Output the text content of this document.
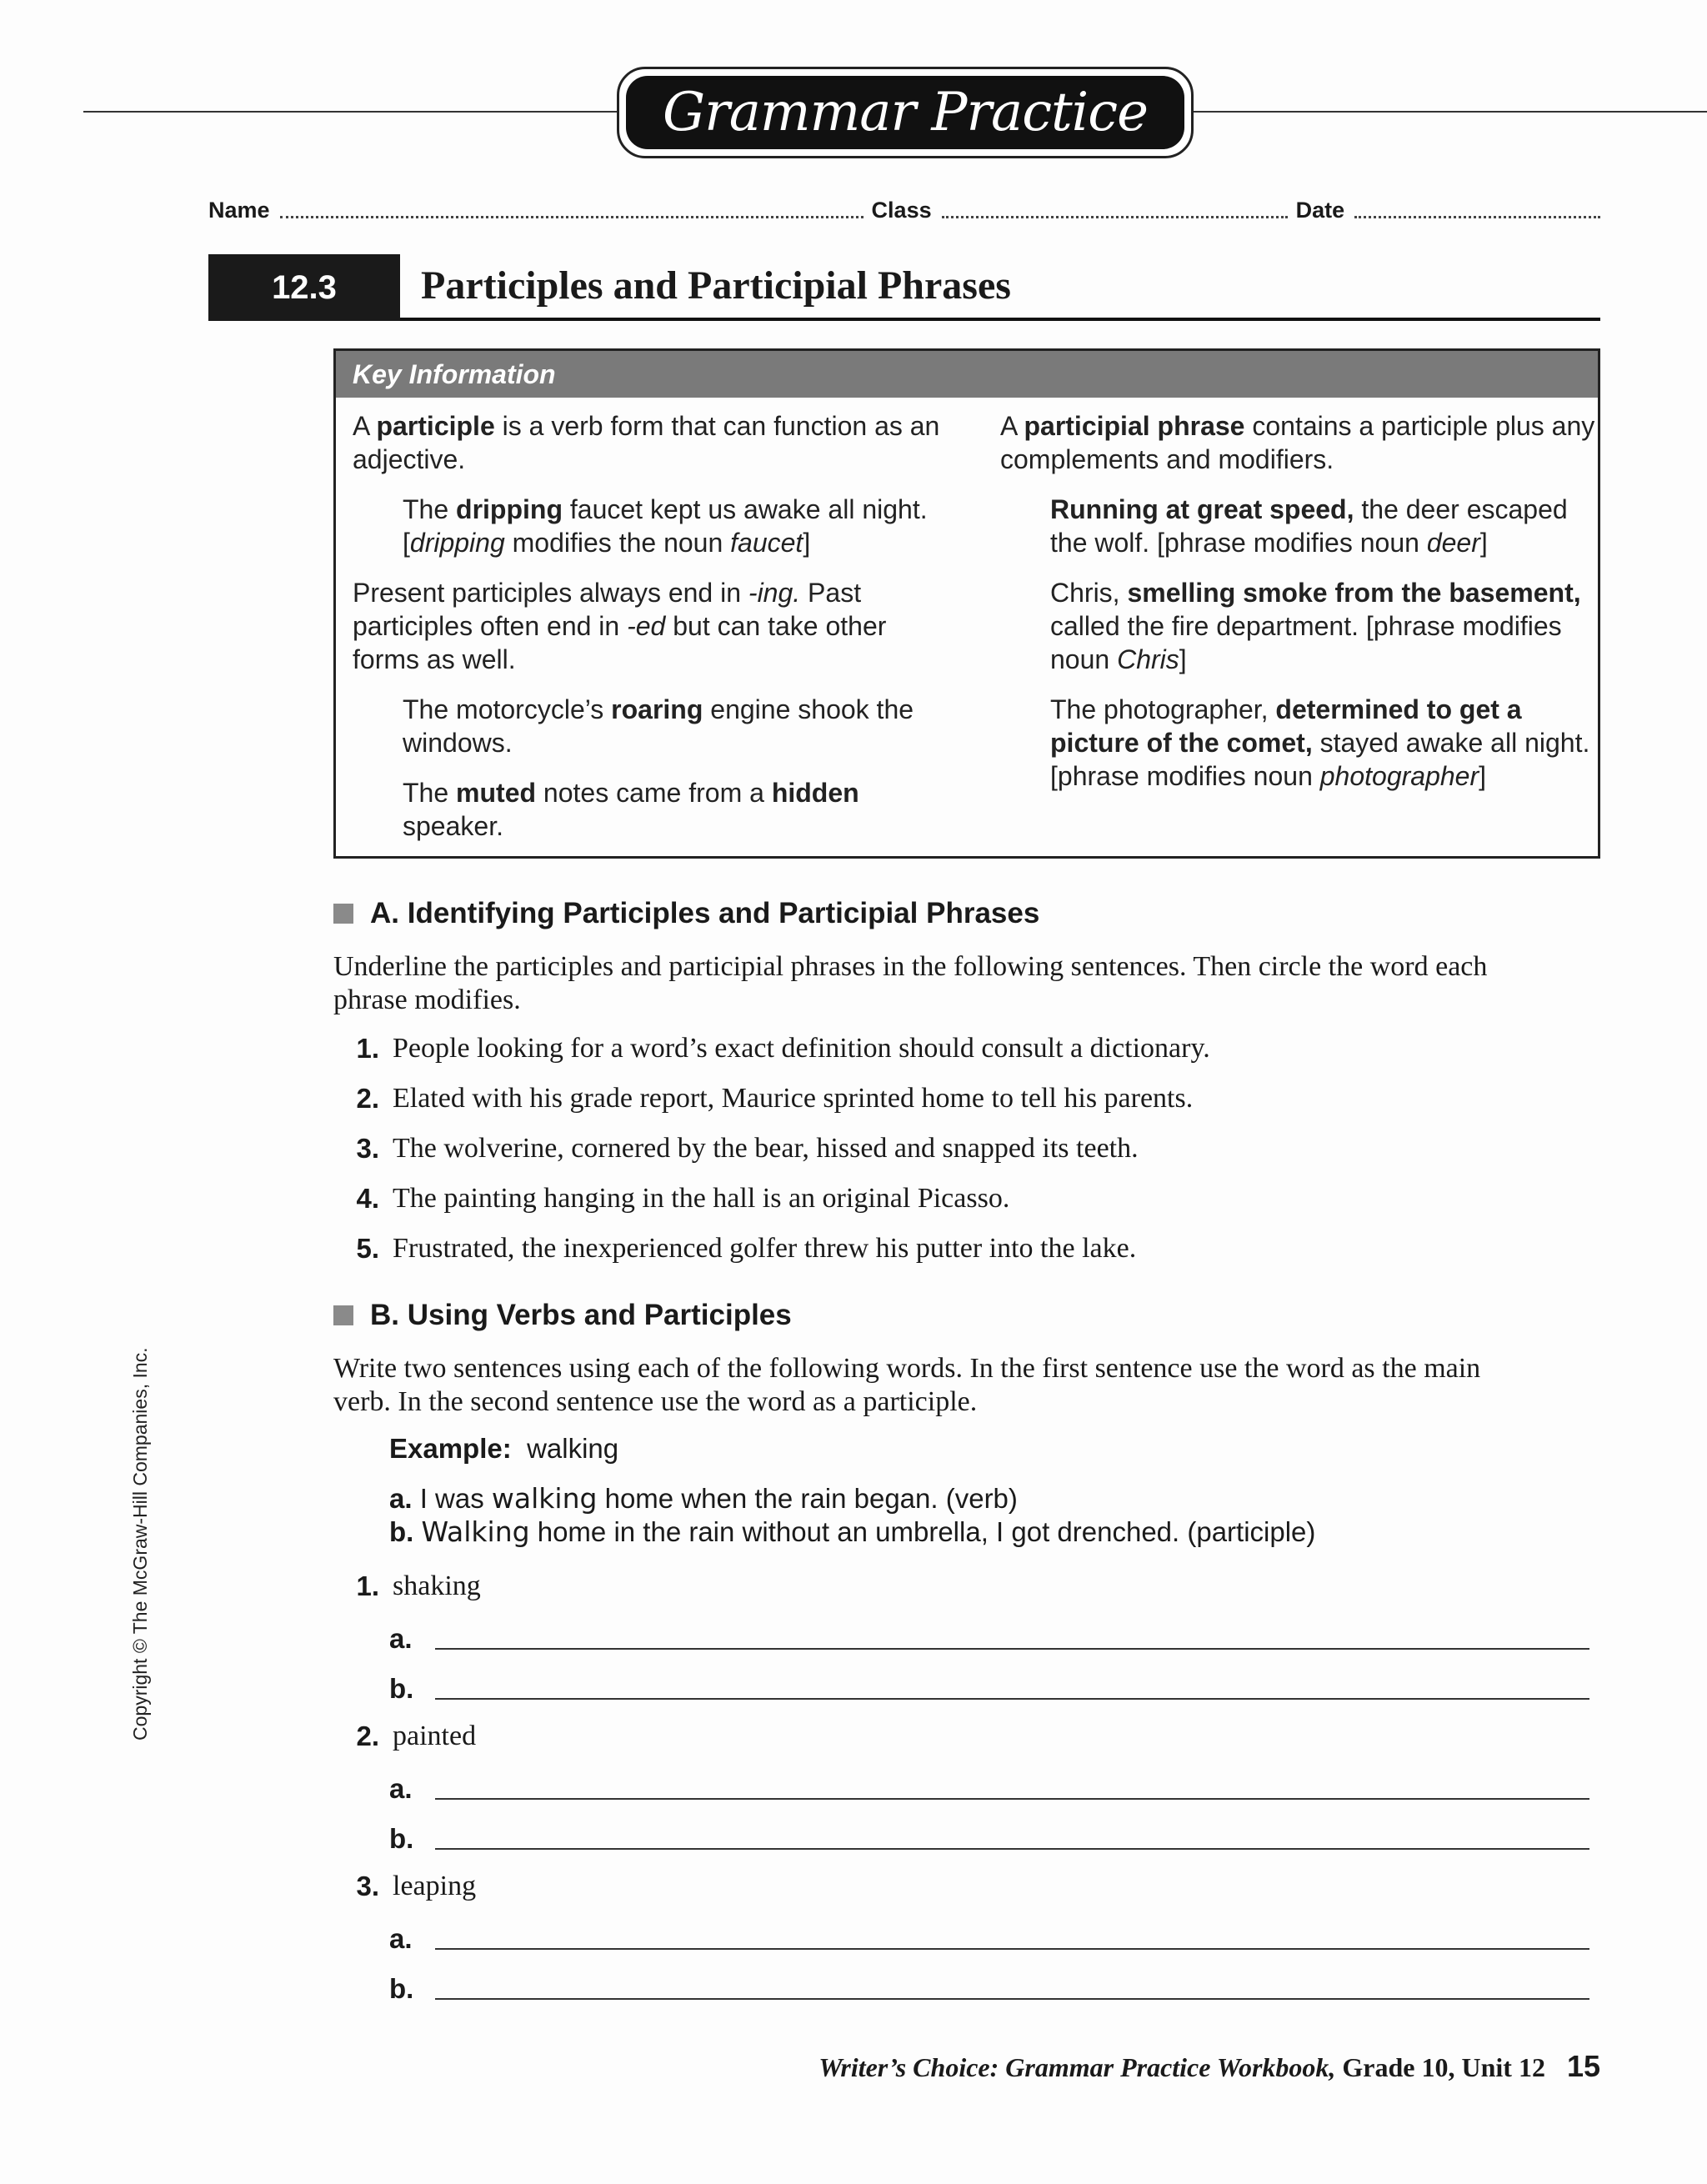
Grammar Practice
Name	Class	Date
12.3	Participles and Participial Phrases
Key Information

A participle is a verb form that can function as an adjective.

The dripping faucet kept us awake all night. [dripping modifies the noun faucet]

Present participles always end in -ing. Past participles often end in -ed but can take other forms as well.

The motorcycle’s roaring engine shook the windows.

The muted notes came from a hidden speaker.

A participial phrase contains a participle plus any complements and modifiers.

Running at great speed, the deer escaped the wolf. [phrase modifies noun deer]

Chris, smelling smoke from the basement, called the fire department. [phrase modifies noun Chris]

The photographer, determined to get a picture of the comet, stayed awake all night. [phrase modifies noun photographer]

A. Identifying Participles and Participial Phrases
Underline the participles and participial phrases in the following sentences. Then circle the word each phrase modifies.
1. People looking for a word’s exact definition should consult a dictionary.
2. Elated with his grade report, Maurice sprinted home to tell his parents.
3. The wolverine, cornered by the bear, hissed and snapped its teeth.
4. The painting hanging in the hall is an original Picasso.
5. Frustrated, the inexperienced golfer threw his putter into the lake.
B. Using Verbs and Participles
Write two sentences using each of the following words. In the first sentence use the word as the main verb. In the second sentence use the word as a participle.
Example: walking
a. I was walking home when the rain began. (verb)
b. Walking home in the rain without an umbrella, I got drenched. (participle)
1. shaking
a.
b.
2. painted
a.
b.
3. leaping
a.
b.
Copyright © The McGraw-Hill Companies, Inc.
Writer’s Choice: Grammar Practice Workbook, Grade 10, Unit 12 15
